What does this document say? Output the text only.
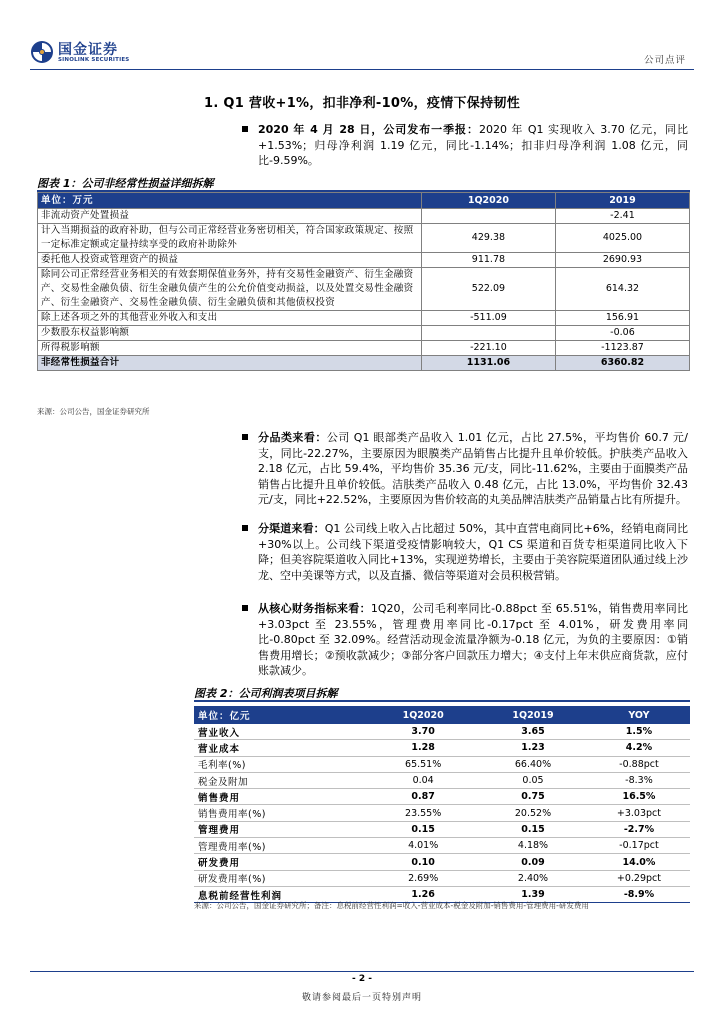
国金证券
SINOLINK SECURITIES	公司点评
1. Q1 营收+1%，扣非净利-10%，疫情下保持韧性
2020 年 4 月 28 日，公司发布一季报：2020 年 Q1 实现收入 3.70 亿元，同比+1.53%；归母净利润 1.19 亿元，同比-1.14%；扣非归母净利润 1.08 亿元，同比-9.59%。
图表 1：公司非经常性损益详细拆解
单位：万元	1Q2020	2019
非流动资产处置损益		-2.41
计入当期损益的政府补助，但与公司正常经营业务密切相关，符合国家政策规定、按照一定标准定额或定量持续享受的政府补助除外	429.38	4025.00
委托他人投资或管理资产的损益	911.78	2690.93
除同公司正常经营业务相关的有效套期保值业务外，持有交易性金融资产、衍生金融资产、交易性金融负债、衍生金融负债产生的公允价值变动损益，以及处置交易性金融资产、衍生金融资产、交易性金融负债、衍生金融负债和其他债权投资	522.09	614.32
除上述各项之外的其他营业外收入和支出	-511.09	156.91
少数股东权益影响额		-0.06
所得税影响额	-221.10	-1123.87
非经常性损益合计	1131.06	6360.82
来源：公司公告，国金证券研究所
分品类来看：公司 Q1 眼部类产品收入 1.01 亿元，占比 27.5%，平均售价 60.7 元/支，同比-22.27%，主要原因为眼膜类产品销售占比提升且单价较低。护肤类产品收入 2.18 亿元，占比 59.4%，平均售价 35.36 元/支，同比-11.62%，主要由于面膜类产品销售占比提升且单价较低。洁肤类产品收入 0.48 亿元，占比 13.0%，平均售价 32.43 元/支，同比+22.52%，主要原因为售价较高的丸美品牌洁肤类产品销量占比有所提升。
分渠道来看：Q1 公司线上收入占比超过 50%，其中直营电商同比+6%，经销电商同比+30%以上。公司线下渠道受疫情影响较大，Q1 CS 渠道和百货专柜渠道同比收入下降；但美容院渠道收入同比+13%，实现逆势增长，主要由于美容院渠道团队通过线上沙龙、空中美课等方式，以及直播、微信等渠道对会员积极营销。
从核心财务指标来看：1Q20，公司毛利率同比-0.88pct 至 65.51%，销售费用率同比+3.03pct 至 23.55%，管理费用率同比-0.17pct 至 4.01%，研发费用率同比-0.80pct 至 32.09%。经营活动现金流量净额为-0.18 亿元，为负的主要原因：①销售费用增长；②预收款减少；③部分客户回款压力增大；④支付上年末供应商货款，应付账款减少。
图表 2：公司利润表项目拆解
单位：亿元	1Q2020	1Q2019	YOY
营业收入	3.70	3.65	1.5%
营业成本	1.28	1.23	4.2%
毛利率(%)	65.51%	66.40%	-0.88pct
税金及附加	0.04	0.05	-8.3%
销售费用	0.87	0.75	16.5%
销售费用率(%)	23.55%	20.52%	+3.03pct
管理费用	0.15	0.15	-2.7%
管理费用率(%)	4.01%	4.18%	-0.17pct
研发费用	0.10	0.09	14.0%
研发费用率(%)	2.69%	2.40%	+0.29pct
息税前经营性利润	1.26	1.39	-8.9%
来源：公司公告，国金证券研究所；备注：息税前经营性利润=收入-营业成本-税金及附加-销售费用-管理费用-研发费用
- 2 -
敬请参阅最后一页特别声明
